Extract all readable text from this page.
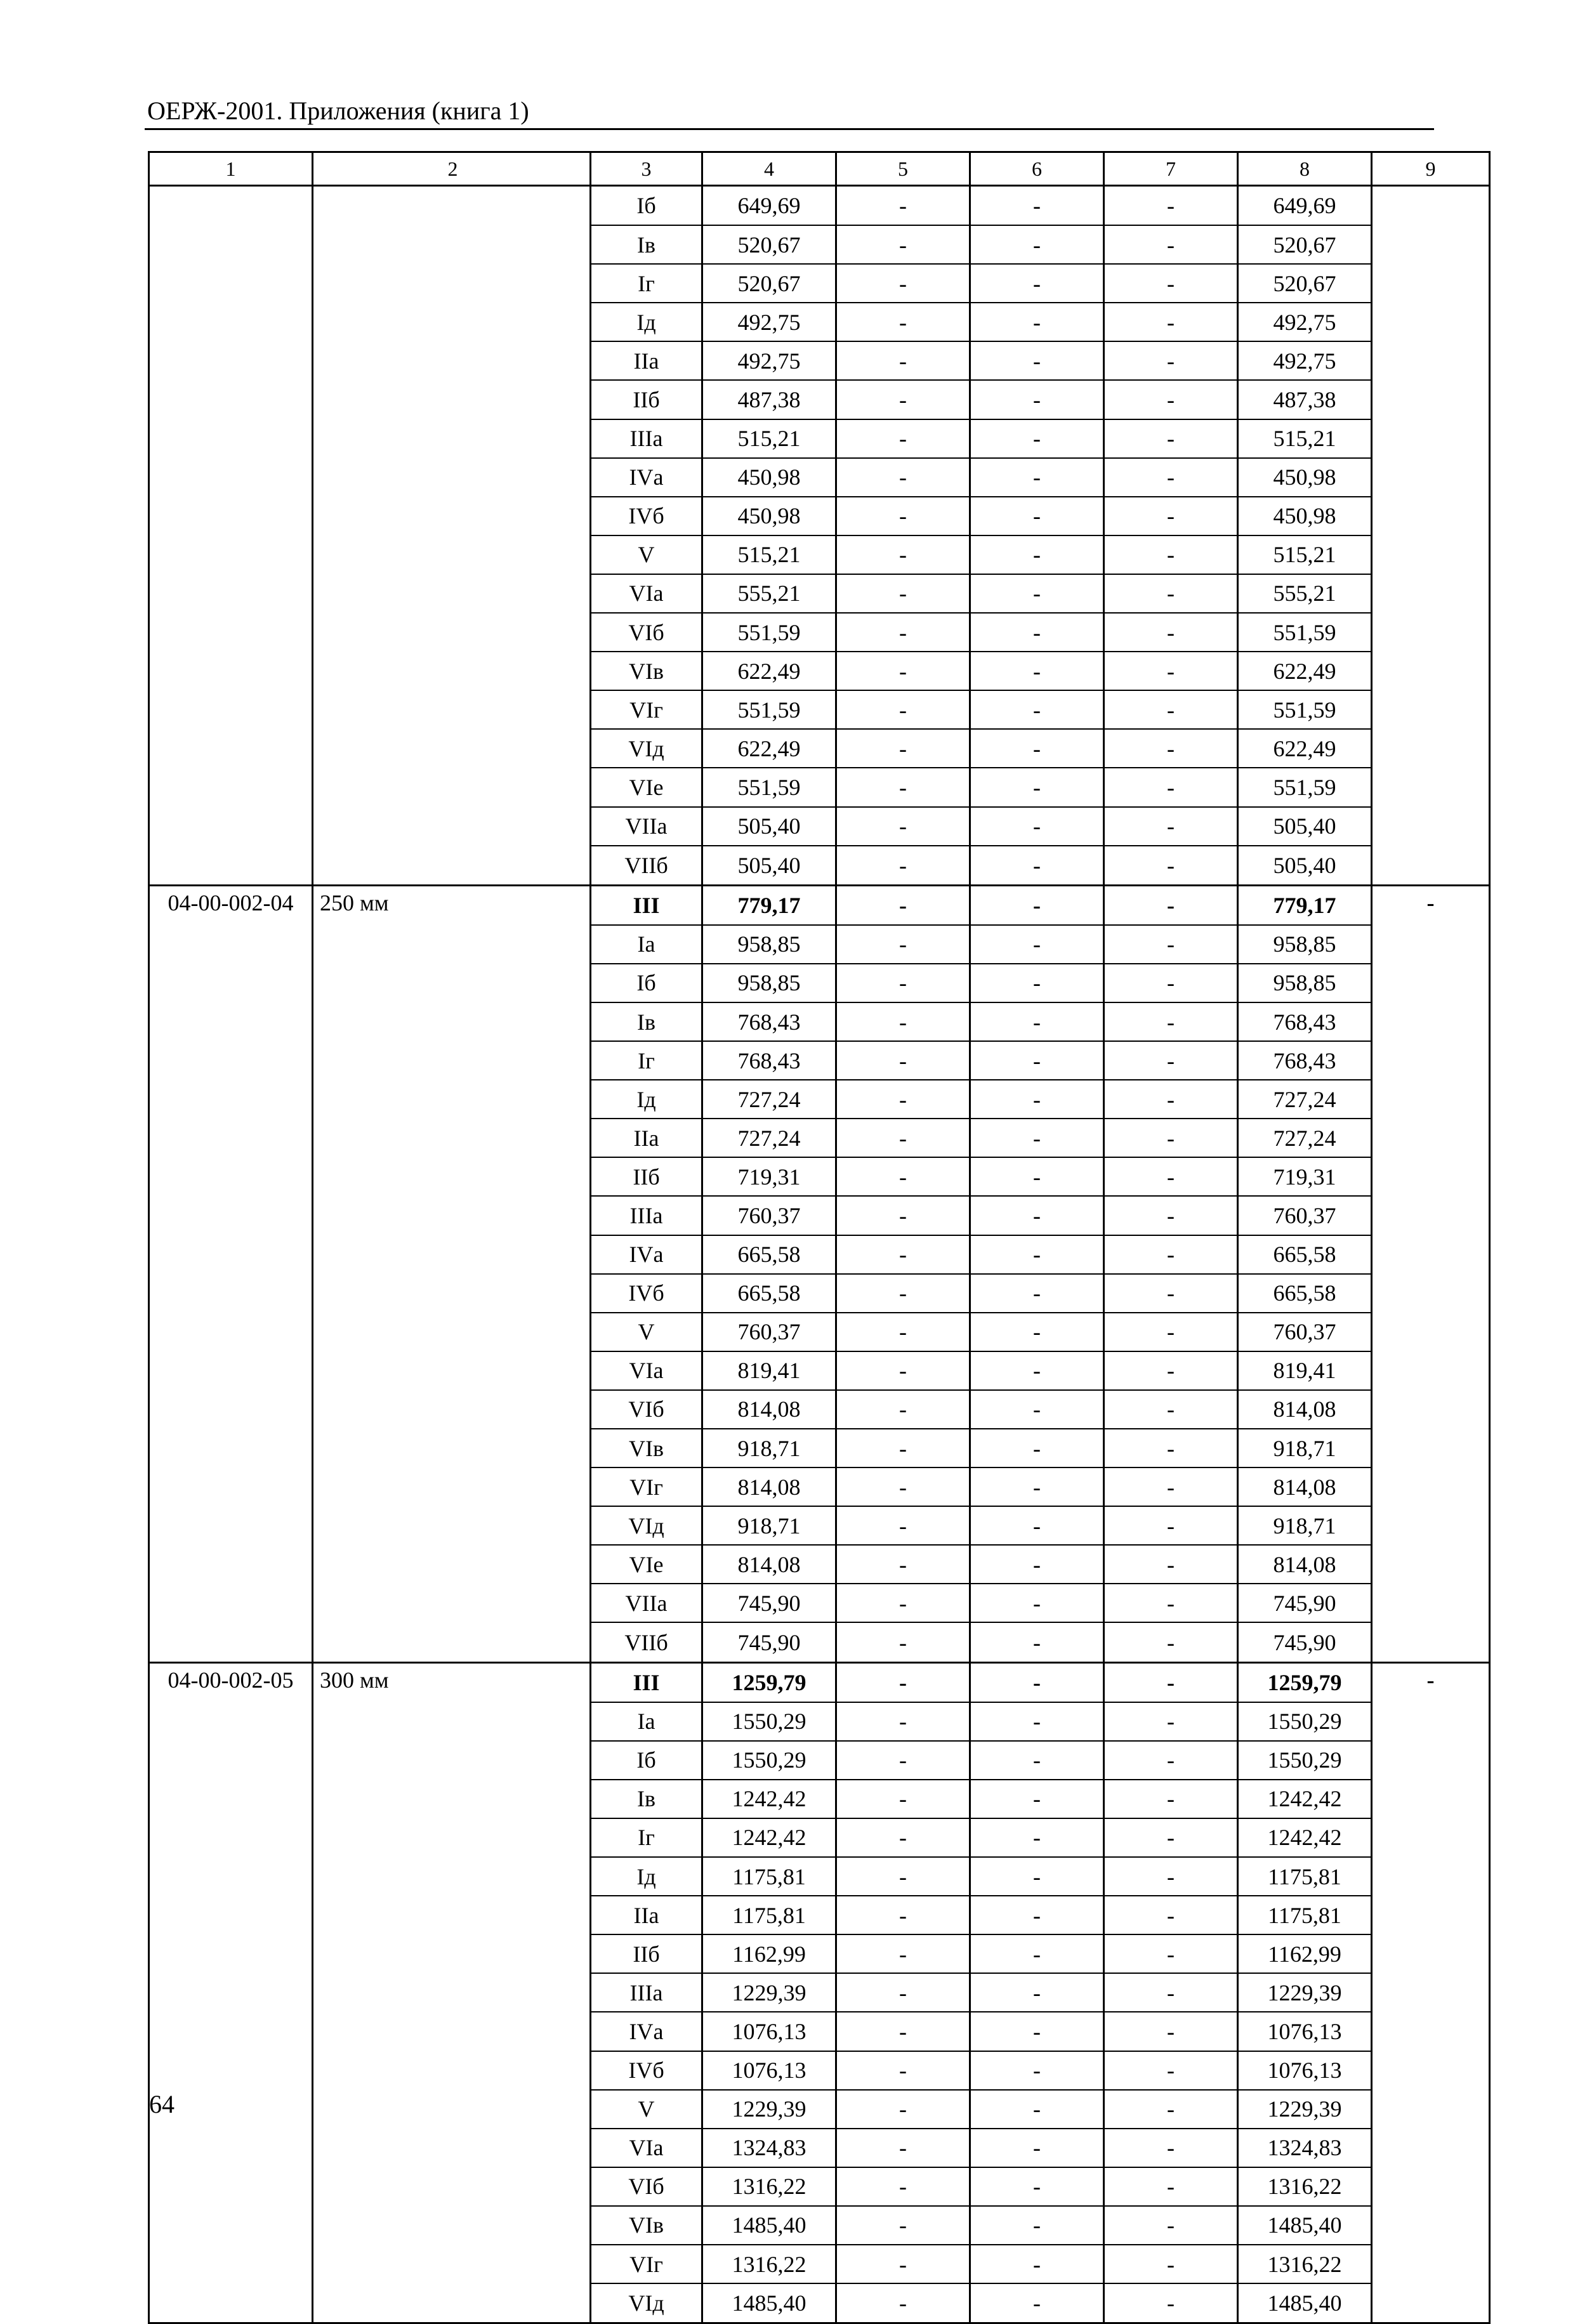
ОЕРЖ-2001. Приложения (книга 1)
1	2	3	4	5	6	7	8	9
		Iб	649,69	-	-	-	649,69	
		Iв	520,67	-	-	-	520,67	
		Iг	520,67	-	-	-	520,67	
		Iд	492,75	-	-	-	492,75	
		IIа	492,75	-	-	-	492,75	
		IIб	487,38	-	-	-	487,38	
		IIIа	515,21	-	-	-	515,21	
		IVа	450,98	-	-	-	450,98	
		IVб	450,98	-	-	-	450,98	
		V	515,21	-	-	-	515,21	
		VIа	555,21	-	-	-	555,21	
		VIб	551,59	-	-	-	551,59	
		VIв	622,49	-	-	-	622,49	
		VIг	551,59	-	-	-	551,59	
		VIд	622,49	-	-	-	622,49	
		VIе	551,59	-	-	-	551,59	
		VIIа	505,40	-	-	-	505,40	
		VIIб	505,40	-	-	-	505,40	
04-00-002-04	250 мм	III	779,17	-	-	-	779,17	-
		Iа	958,85	-	-	-	958,85	
		Iб	958,85	-	-	-	958,85	
		Iв	768,43	-	-	-	768,43	
		Iг	768,43	-	-	-	768,43	
		Iд	727,24	-	-	-	727,24	
		IIа	727,24	-	-	-	727,24	
		IIб	719,31	-	-	-	719,31	
		IIIа	760,37	-	-	-	760,37	
		IVа	665,58	-	-	-	665,58	
		IVб	665,58	-	-	-	665,58	
		V	760,37	-	-	-	760,37	
		VIа	819,41	-	-	-	819,41	
		VIб	814,08	-	-	-	814,08	
		VIв	918,71	-	-	-	918,71	
		VIг	814,08	-	-	-	814,08	
		VIд	918,71	-	-	-	918,71	
		VIе	814,08	-	-	-	814,08	
		VIIа	745,90	-	-	-	745,90	
		VIIб	745,90	-	-	-	745,90	
04-00-002-05	300 мм	III	1259,79	-	-	-	1259,79	-
		Iа	1550,29	-	-	-	1550,29	
		Iб	1550,29	-	-	-	1550,29	
		Iв	1242,42	-	-	-	1242,42	
		Iг	1242,42	-	-	-	1242,42	
		Iд	1175,81	-	-	-	1175,81	
		IIа	1175,81	-	-	-	1175,81	
		IIб	1162,99	-	-	-	1162,99	
		IIIа	1229,39	-	-	-	1229,39	
		IVа	1076,13	-	-	-	1076,13	
		IVб	1076,13	-	-	-	1076,13	
		V	1229,39	-	-	-	1229,39	
		VIа	1324,83	-	-	-	1324,83	
		VIб	1316,22	-	-	-	1316,22	
		VIв	1485,40	-	-	-	1485,40	
		VIг	1316,22	-	-	-	1316,22	
		VIд	1485,40	-	-	-	1485,40	
64
